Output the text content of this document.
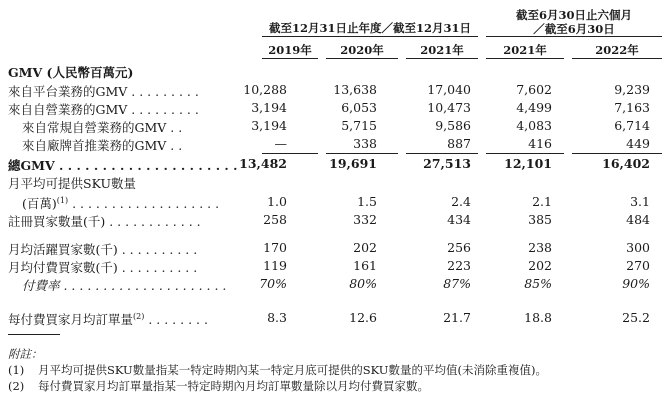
截至12月31日止年度／截至12月31日
截至6月30日止六個月
／截至6月30日
2019年	2020年	2021年	2021年	2022年
GMV (人民幣百萬元)
來自平台業務的GMV . . . . . . . . .	10,288	13,638	17,040	7,602	9,239
來自自營業務的GMV . . . . . . . . .	3,194	6,053	10,473	4,499	7,163
來自常規自營業務的GMV . .	3,194	5,715	9,586	4,083	6,714
來自廠牌首推業務的GMV . .	—	338	887	416	449
總GMV . . . . . . . . . . . . . . . . . . . . . 13,482	19,691	27,513	12,101	16,402
月平均可提供SKU數量
(百萬)$^{(1)}$ . . . . . . . . . . . . . . . . . . .	1.0	1.5	2.4	2.1	3.1
註冊買家數量(千) . . . . . . . . . . . .	258	332	434	385	484
月均活躍買家數(千) . . . . . . . . . .	170	202	256	238	300
月均付費買家數(千) . . . . . . . . . .	119	161	223	202	270
付費率 . . . . . . . . . . . . . . . . . . . . .	70%	80%	87%	85%	90%
每付費買家月均訂單量$^{(2)}$ . . . . . . . .	8.3	12.6	21.7	18.8	25.2
附註：
(1) 月平均可提供SKU數量指某一特定時期內某一特定月底可提供的SKU數量的平均值(未消除重複值)。
(2) 每付費買家月均訂單量指某一特定時期內月均訂單數量除以月均付費買家數。
